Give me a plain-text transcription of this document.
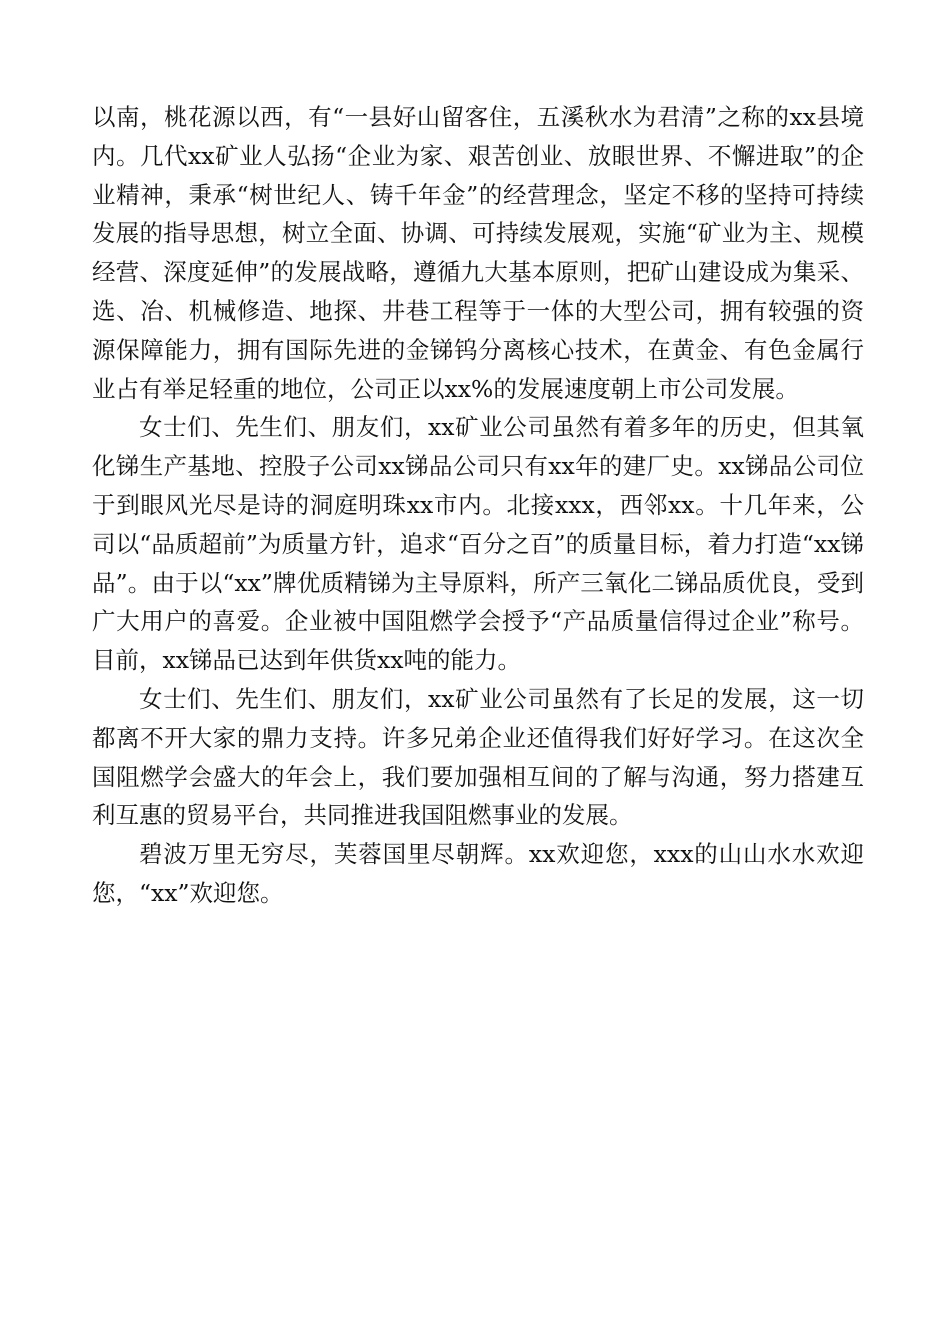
以南，桃花源以西，有“一县好山留客住，五溪秋水为君清”之称的xx县境内。几代xx矿业人弘扬“企业为家、艰苦创业、放眼世界、不懈进取”的企业精神，秉承“树世纪人、铸千年金”的经营理念，坚定不移的坚持可持续发展的指导思想，树立全面、协调、可持续发展观，实施“矿业为主、规模经营、深度延伸”的发展战略，遵循九大基本原则，把矿山建设成为集采、选、冶、机械修造、地探、井巷工程等于一体的大型公司，拥有较强的资源保障能力，拥有国际先进的金锑钨分离核心技术，在黄金、有色金属行业占有举足轻重的地位，公司正以xx%的发展速度朝上市公司发展。

女士们、先生们、朋友们，xx矿业公司虽然有着多年的历史，但其氧化锑生产基地、控股子公司xx锑品公司只有xx年的建厂史。xx锑品公司位于到眼风光尽是诗的洞庭明珠xx市内。北接xxx，西邻xx。十几年来，公司以“品质超前”为质量方针，追求“百分之百”的质量目标，着力打造“xx锑品”。由于以“xx”牌优质精锑为主导原料，所产三氧化二锑品质优良，受到广大用户的喜爱。企业被中国阻燃学会授予“产品质量信得过企业”称号。目前，xx锑品已达到年供货xx吨的能力。

女士们、先生们、朋友们，xx矿业公司虽然有了长足的发展，这一切都离不开大家的鼎力支持。许多兄弟企业还值得我们好好学习。在这次全国阻燃学会盛大的年会上，我们要加强相互间的了解与沟通，努力搭建互利互惠的贸易平台，共同推进我国阻燃事业的发展。

碧波万里无穷尽，芙蓉国里尽朝辉。xx欢迎您，xxx的山山水水欢迎您，“xx”欢迎您。
